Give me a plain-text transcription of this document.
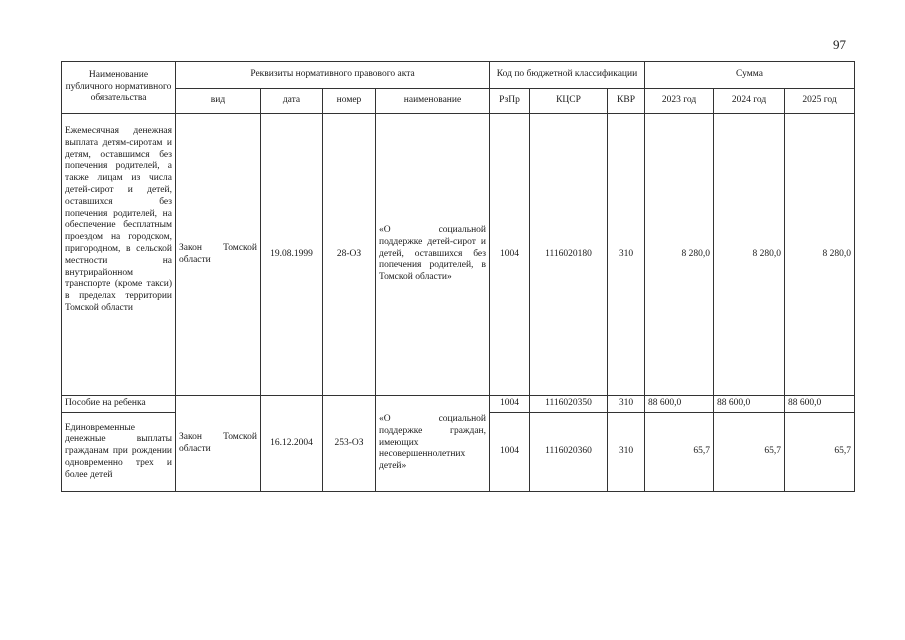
97
Наименование публичного нормативного обязательства	Реквизиты нормативного правового акта				Код по бюджетной классификации			Сумма		
	вид	дата	номер	наименование	РзПр	КЦСР	КВР	2023 год	2024 год	2025 год
Ежемесячная денежная выплата детям-сиротам и детям, оставшимся без попечения родителей, а также лицам из числа детей-сирот и детей, оставшихся без попечения родителей, на обеспечение бесплатным проездом на городском, пригородном, в сельской местности на внутрирайонном транспорте (кроме такси) в пределах территории Томской области	Закон Томской области	19.08.1999	28-ОЗ	«О социальной поддержке детей-сирот и детей, оставшихся без попечения родителей, в Томской области»	1004	1116020180	310	8 280,0	8 280,0	8 280,0
Пособие на ребенка	Закон Томской области	16.12.2004	253-ОЗ	«О социальной поддержке граждан, имеющих несовершеннолетних детей»	1004	1116020350	310	88 600,0	88 600,0	88 600,0
Единовременные денежные выплаты гражданам при рождении одновременно трех и более детей					1004	1116020360	310	65,7	65,7	65,7
